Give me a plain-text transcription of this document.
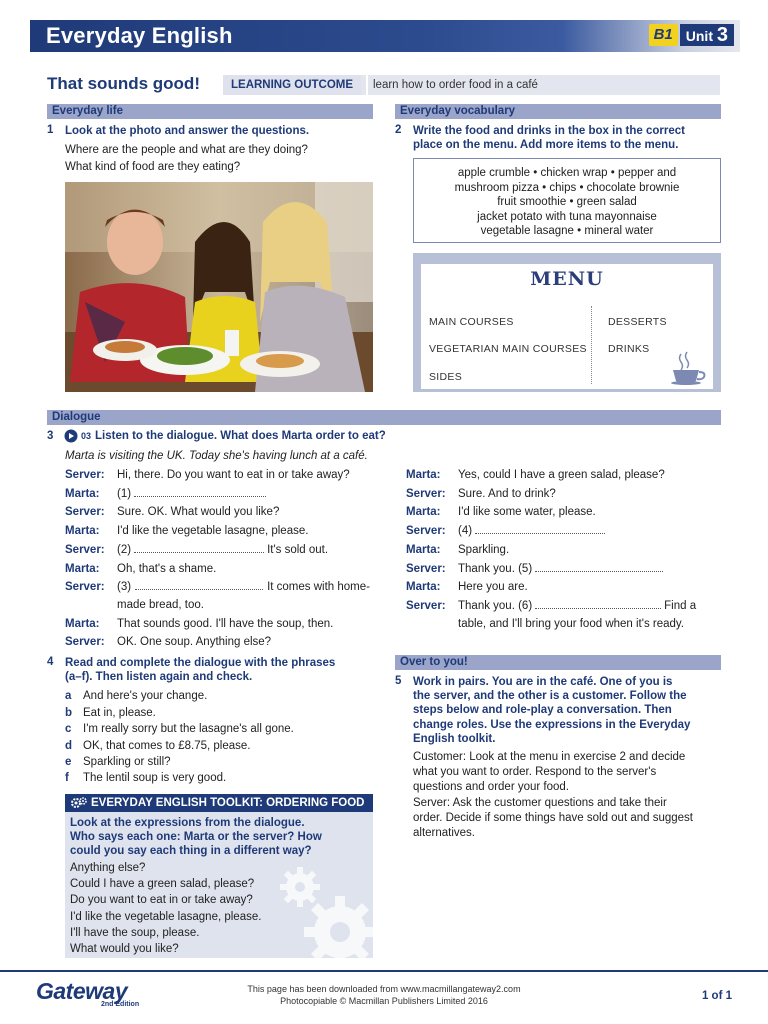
Everyday English	B1 Unit 3
That sounds good!	LEARNING OUTCOME	learn how to order food in a café
Everyday life
1 Look at the photo and answer the questions.
Where are the people and what are they doing?
What kind of food are they eating?
Everyday vocabulary
2 Write the food and drinks in the box in the correct
place on the menu. Add more items to the menu.
apple crumble • chicken wrap • pepper and
mushroom pizza • chips • chocolate brownie
fruit smoothie • green salad
jacket potato with tuna mayonnaise
vegetable lasagne • mineral water
MENU
MAIN COURSES
VEGETARIAN MAIN COURSES
SIDES
DESSERTS
DRINKS
Dialogue
3	03 Listen to the dialogue. What does Marta order to eat?
Marta is visiting the UK. Today she's having lunch at a café.
Server:	Hi, there. Do you want to eat in or take away?
Marta:	(1)
Server:	Sure. OK. What would you like?
Marta:	I'd like the vegetable lasagne, please.
Server:	(2)	It's sold out.
Marta:	Oh, that's a shame.
Server:	(3)	It comes with home-
made bread, too.
Marta:	That sounds good. I'll have the soup, then.
Server:	OK. One soup. Anything else?
Marta:	Yes, could I have a green salad, please?
Server:	Sure. And to drink?
Marta:	I'd like some water, please.
Server:	(4)
Marta:	Sparkling.
Server:	Thank you. (5)
Marta:	Here you are.
Server:	Thank you. (6)	Find a
table, and I'll bring your food when it's ready.
4 Read and complete the dialogue with the phrases
(a–f). Then listen again and check.
a	And here's your change.
b Eat in, please.
c	I'm really sorry but the lasagne's all gone.
d OK, that comes to £8.75, please.
e	Sparkling or still?
f	The lentil soup is very good.
EVERYDAY ENGLISH TOOLKIT: ORDERING FOOD
Look at the expressions from the dialogue.
Who says each one: Marta or the server? How
could you say each thing in a different way?
Anything else?
Could I have a green salad, please?
Do you want to eat in or take away?
I'd like the vegetable lasagne, please.
I'll have the soup, please.
What would you like?
Over to you!
5 Work in pairs. You are in the café. One of you is
the server, and the other is a customer. Follow the
steps below and role-play a conversation. Then
change roles. Use the expressions in the Everyday
English toolkit.
Customer: Look at the menu in exercise 2 and decide
what you want to order. Respond to the server's
questions and order your food.
Server: Ask the customer questions and take their
order. Decide if some things have sold out and suggest
alternatives.
Gateway
2nd Edition
This page has been downloaded from www.macmillangateway2.com
Photocopiable © Macmillan Publishers Limited 2016	1 of 1
